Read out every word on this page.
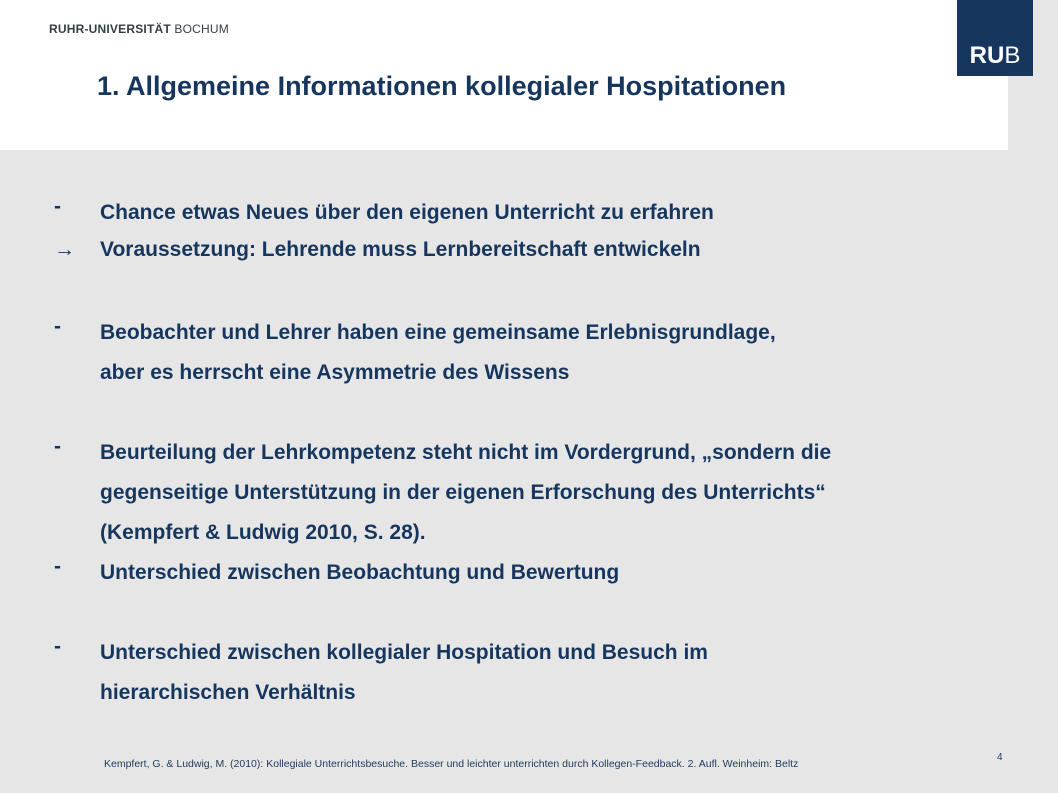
RUHR-UNIVERSITÄT BOCHUM
1. Allgemeine Informationen kollegialer Hospitationen
RU B
-	Chance etwas Neues über den eigenen Unterricht zu erfahren
→	Voraussetzung: Lehrende muss Lernbereitschaft entwickeln
-	Beobachter und Lehrer haben eine gemeinsame Erlebnisgrundlage,
aber es herrscht eine Asymmetrie des Wissens
-	Beurteilung der Lehrkompetenz steht nicht im Vordergrund, „sondern die
gegenseitige Unterstützung in der eigenen Erforschung des Unterrichts“
(Kempfert & Ludwig 2010, S. 28).
-	Unterschied zwischen Beobachtung und Bewertung
-	Unterschied zwischen kollegialer Hospitation und Besuch im
hierarchischen Verhältnis
Kempfert, G. & Ludwig, M. (2010): Kollegiale Unterrichtsbesuche. Besser und leichter unterrichten durch Kollegen-Feedback. 2. Aufl. Weinheim: Beltz
4
